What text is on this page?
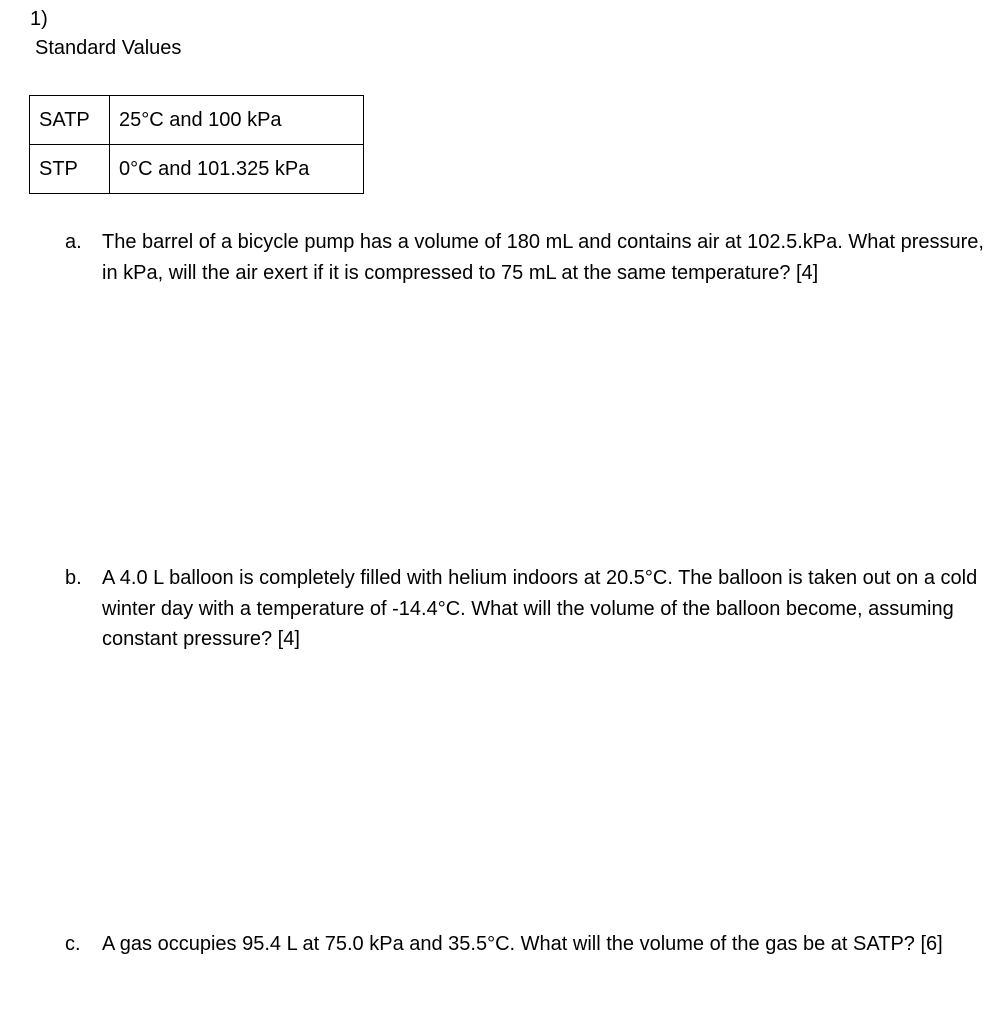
1)
Standard Values
SATP	25°C and 100 kPa
STP	0°C and 101.325 kPa
a.	The barrel of a bicycle pump has a volume of 180 mL and contains air at 102.5.kPa. What pressure, in kPa, will the air exert if it is compressed to 75 mL at the same temperature? [4]
b.	A 4.0 L balloon is completely filled with helium indoors at 20.5°C. The balloon is taken out on a cold winter day with a temperature of -14.4°C. What will the volume of the balloon become, assuming constant pressure? [4]
c.	A gas occupies 95.4 L at 75.0 kPa and 35.5°C. What will the volume of the gas be at SATP? [6]
